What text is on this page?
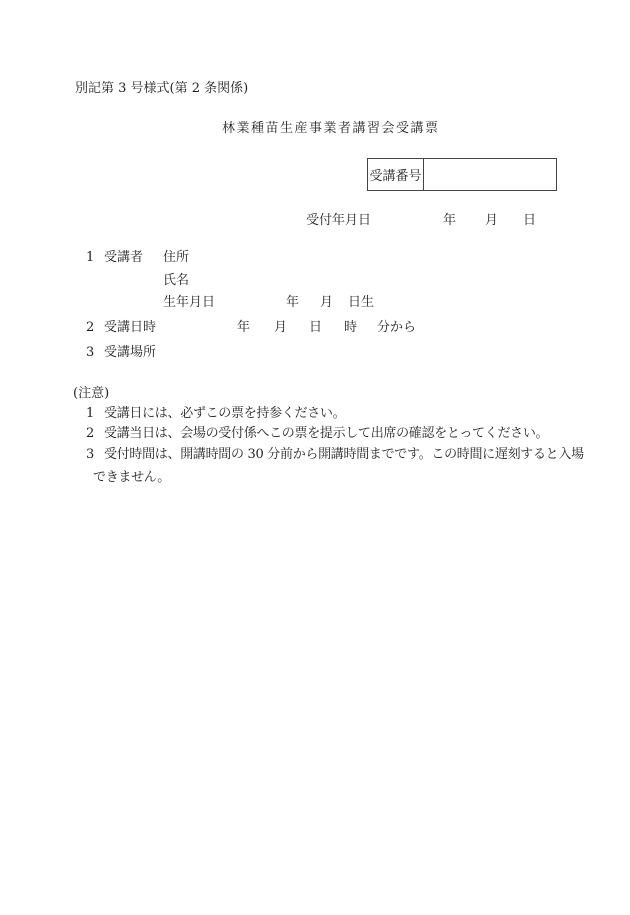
別記第 3 号様式(第 2 条関係)
林業種苗生産事業者講習会受講票
受講番号
受付年月日	年 月 日
1 受講者 住所
氏名
生年月日	年 月 日生
2 受講日時	年 月 日 時 分から
3 受講場所
(注意)
1 受講日には、必ずこの票を持参ください。
2 受講当日は、会場の受付係へこの票を提示して出席の確認をとってください。
3 受付時間は、開講時間の 30 分前から開講時間までです。この時間に遅刻すると入場
できません。
